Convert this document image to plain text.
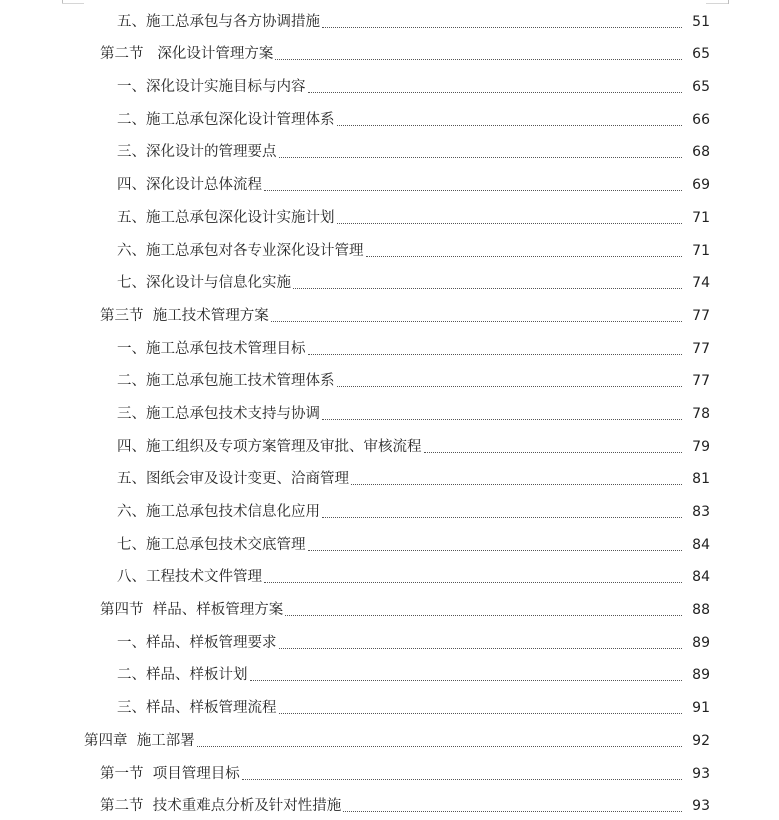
五、施工总承包与各方协调措施	51
第二节   深化设计管理方案	65
一、深化设计实施目标与内容	65
二、施工总承包深化设计管理体系	66
三、深化设计的管理要点	68
四、深化设计总体流程	69
五、施工总承包深化设计实施计划	71
六、施工总承包对各专业深化设计管理	71
七、深化设计与信息化实施	74
第三节  施工技术管理方案	77
一、施工总承包技术管理目标	77
二、施工总承包施工技术管理体系	77
三、施工总承包技术支持与协调	78
四、施工组织及专项方案管理及审批、审核流程	79
五、图纸会审及设计变更、洽商管理	81
六、施工总承包技术信息化应用	83
七、施工总承包技术交底管理	84
八、工程技术文件管理	84
第四节  样品、样板管理方案	88
一、样品、样板管理要求	89
二、样品、样板计划	89
三、样品、样板管理流程	91
第四章  施工部署	92
第一节  项目管理目标	93
第二节  技术重难点分析及针对性措施	93
